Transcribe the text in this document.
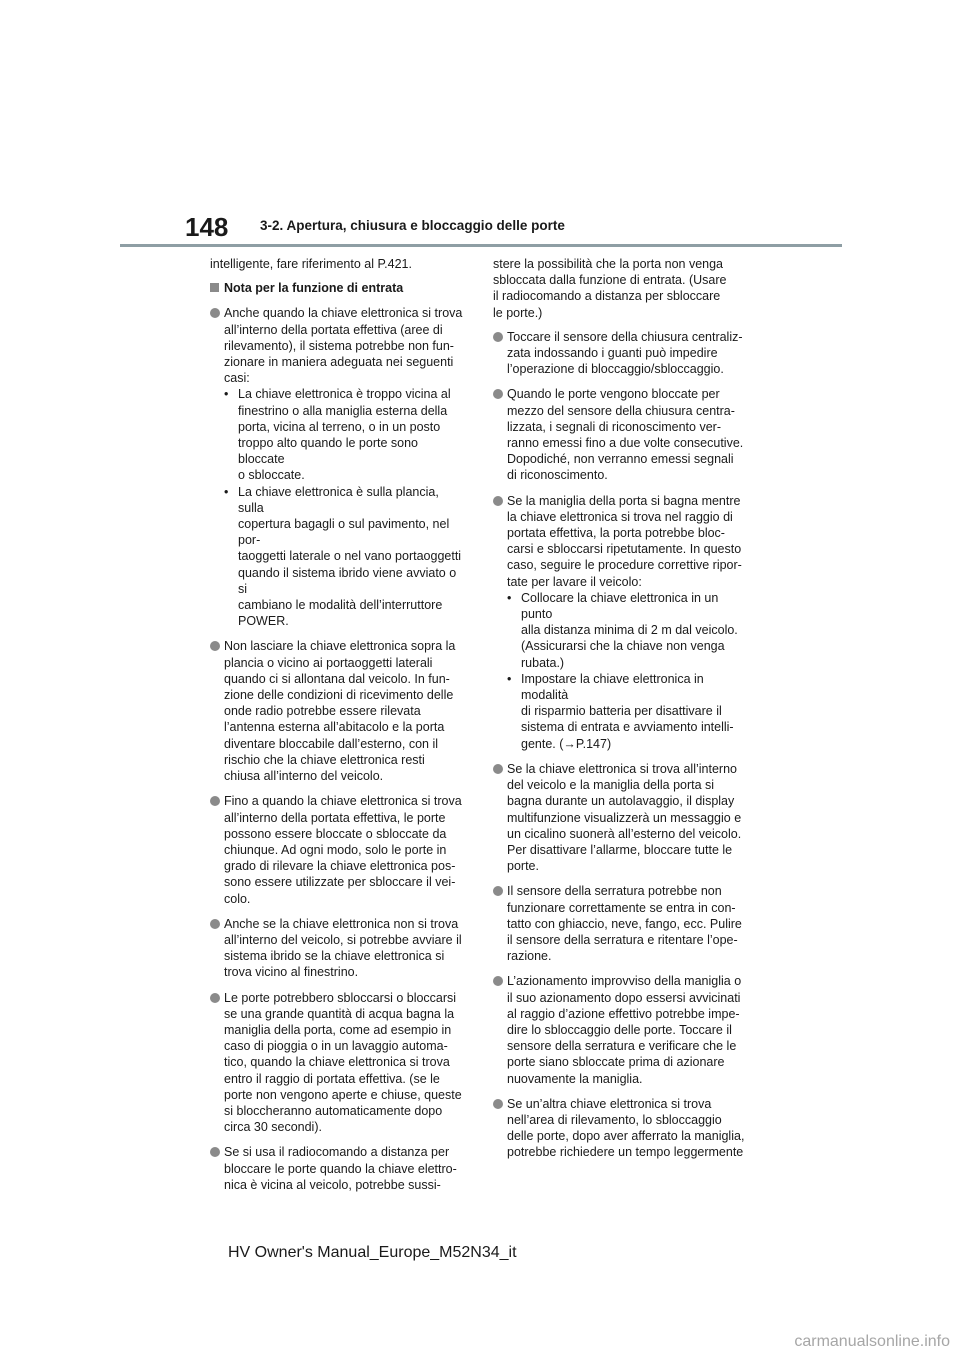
148 3-2. Apertura, chiusura e bloccaggio delle porte
intelligente, fare riferimento al P.421.
Nota per la funzione di entrata
Anche quando la chiave elettronica si trova
all’interno della portata effettiva (aree di
rilevamento), il sistema potrebbe non fun-
zionare in maniera adeguata nei seguenti
casi:
• La chiave elettronica è troppo vicina al
finestrino o alla maniglia esterna della
porta, vicina al terreno, o in un posto
troppo alto quando le porte sono bloccate
o sbloccate.
• La chiave elettronica è sulla plancia, sulla
copertura bagagli o sul pavimento, nel por-
taoggetti laterale o nel vano portaoggetti
quando il sistema ibrido viene avviato o si
cambiano le modalità dell’interruttore
POWER.
Non lasciare la chiave elettronica sopra la
plancia o vicino ai portaoggetti laterali
quando ci si allontana dal veicolo. In fun-
zione delle condizioni di ricevimento delle
onde radio potrebbe essere rilevata
l’antenna esterna all’abitacolo e la porta
diventare bloccabile dall’esterno, con il
rischio che la chiave elettronica resti
chiusa all’interno del veicolo.
Fino a quando la chiave elettronica si trova
all’interno della portata effettiva, le porte
possono essere bloccate o sbloccate da
chiunque. Ad ogni modo, solo le porte in
grado di rilevare la chiave elettronica pos-
sono essere utilizzate per sbloccare il vei-
colo.
Anche se la chiave elettronica non si trova
all’interno del veicolo, si potrebbe avviare il
sistema ibrido se la chiave elettronica si
trova vicino al finestrino.
Le porte potrebbero sbloccarsi o bloccarsi
se una grande quantità di acqua bagna la
maniglia della porta, come ad esempio in
caso di pioggia o in un lavaggio automa-
tico, quando la chiave elettronica si trova
entro il raggio di portata effettiva. (se le
porte non vengono aperte e chiuse, queste
si bloccheranno automaticamente dopo
circa 30 secondi).
Se si usa il radiocomando a distanza per
bloccare le porte quando la chiave elettro-
nica è vicina al veicolo, potrebbe sussi-
stere la possibilità che la porta non venga
sbloccata dalla funzione di entrata. (Usare
il radiocomando a distanza per sbloccare
le porte.)
Toccare il sensore della chiusura centraliz-
zata indossando i guanti può impedire
l’operazione di bloccaggio/sbloccaggio.
Quando le porte vengono bloccate per
mezzo del sensore della chiusura centra-
lizzata, i segnali di riconoscimento ver-
ranno emessi fino a due volte consecutive.
Dopodiché, non verranno emessi segnali
di riconoscimento.
Se la maniglia della porta si bagna mentre
la chiave elettronica si trova nel raggio di
portata effettiva, la porta potrebbe bloc-
carsi e sbloccarsi ripetutamente. In questo
caso, seguire le procedure correttive ripor-
tate per lavare il veicolo:
• Collocare la chiave elettronica in un punto
alla distanza minima di 2 m dal veicolo.
(Assicurarsi che la chiave non venga
rubata.)
• Impostare la chiave elettronica in modalità
di risparmio batteria per disattivare il
sistema di entrata e avviamento intelli-
gente. (→P.147)
Se la chiave elettronica si trova all’interno
del veicolo e la maniglia della porta si
bagna durante un autolavaggio, il display
multifunzione visualizzerà un messaggio e
un cicalino suonerà all’esterno del veicolo.
Per disattivare l’allarme, bloccare tutte le
porte.
Il sensore della serratura potrebbe non
funzionare correttamente se entra in con-
tatto con ghiaccio, neve, fango, ecc. Pulire
il sensore della serratura e ritentare l’ope-
razione.
L’azionamento improvviso della maniglia o
il suo azionamento dopo essersi avvicinati
al raggio d’azione effettivo potrebbe impe-
dire lo sbloccaggio delle porte. Toccare il
sensore della serratura e verificare che le
porte siano sbloccate prima di azionare
nuovamente la maniglia.
Se un’altra chiave elettronica si trova
nell’area di rilevamento, lo sbloccaggio
delle porte, dopo aver afferrato la maniglia,
potrebbe richiedere un tempo leggermente
HV Owner's Manual_Europe_M52N34_it
carmanualsonline.info
